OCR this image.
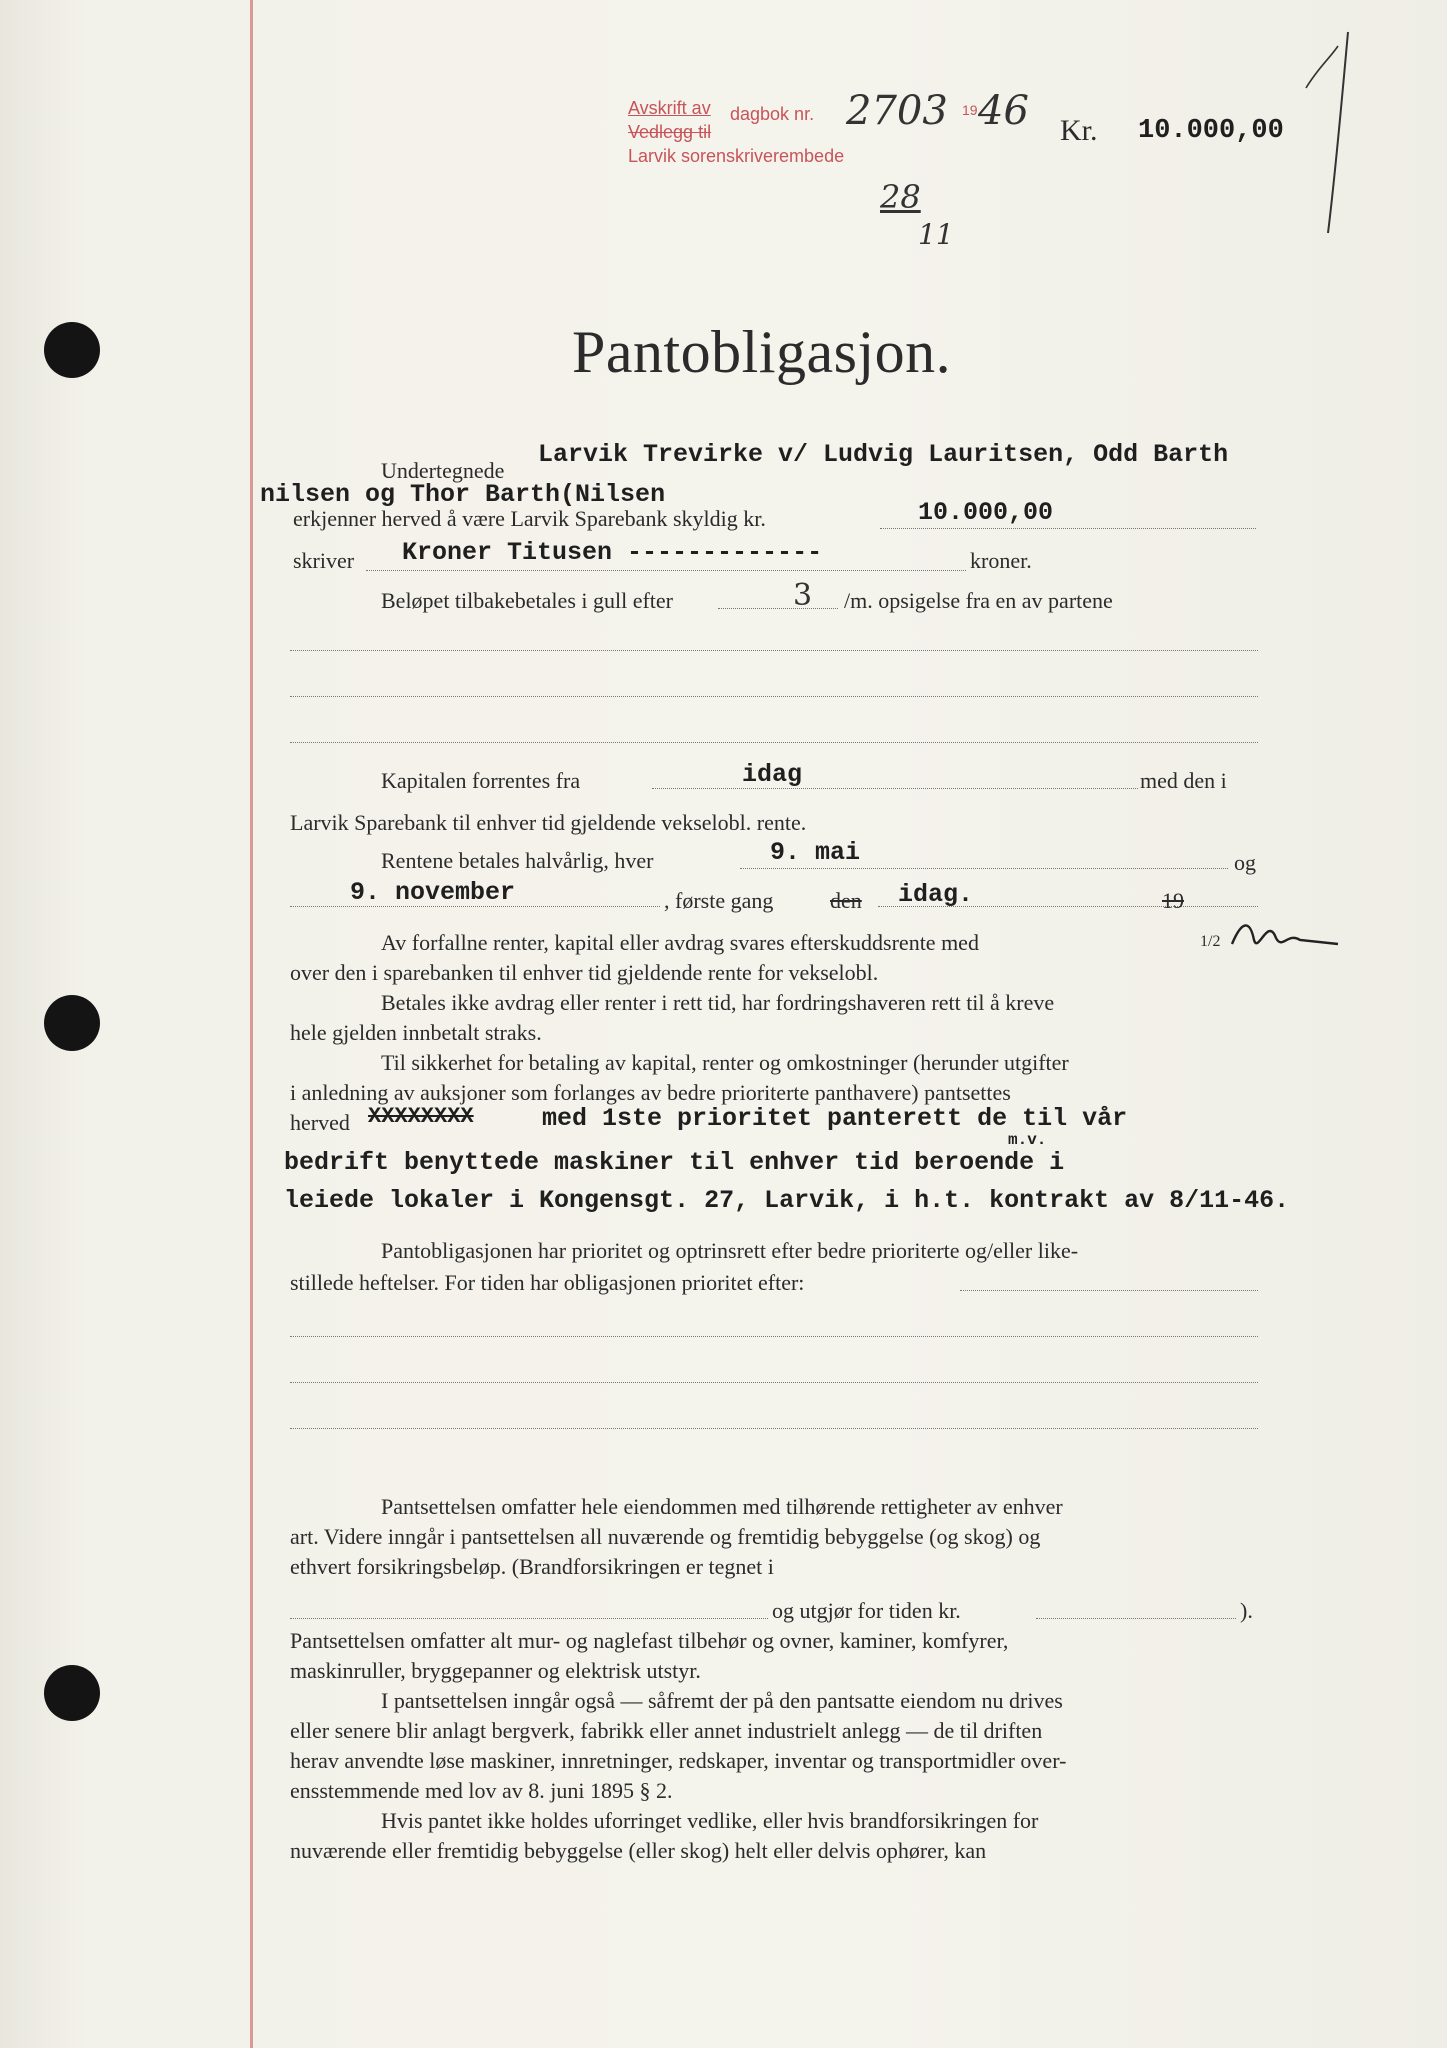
Avskrift av dagbok nr.
Vedlegg til
Larvik sorenskriverembede
2703 19 46
28
11
Kr. 10.000,00
Pantobligasjon.
Undertegnede
Larvik Trevirke v/ Ludvig Lauritsen, Odd Barth
nilsen og Thor Barth(Nilsen
erkjenner herved å være Larvik Sparebank skyldig kr.	10.000,00
skriver Kroner Titusen -------------	kroner.
Beløpet tilbakebetales i gull efter	3 /m. opsigelse fra en av partene
Kapitalen forrentes fra	idag	med den i
Larvik Sparebank til enhver tid gjeldende vekselobl. rente.
Rentene betales halvårlig, hver	9. mai	og
9. november	, første gang	den idag.	19
Av forfallne renter, kapital eller avdrag svares efterskuddsrente med	1/2
over den i sparebanken til enhver tid gjeldende rente for vekselobl.
Betales ikke avdrag eller renter i rett tid, har fordringshaveren rett til å kreve
hele gjelden innbetalt straks.
Til sikkerhet for betaling av kapital, renter og omkostninger (herunder utgifter
i anledning av auksjoner som forlanges av bedre prioriterte panthavere) pantsettes
herved XXXXXXXX	med 1ste prioritet panterett de til vår
m.v.
bedrift benyttede maskiner til enhver tid beroende i
leiede lokaler i Kongensgt. 27, Larvik, i h.t. kontrakt av 8/11-46.
Pantobligasjonen har prioritet og optrinsrett efter bedre prioriterte og/eller like-
stillede heftelser. For tiden har obligasjonen prioritet efter:
Pantsettelsen omfatter hele eiendommen med tilhørende rettigheter av enhver
art. Videre inngår i pantsettelsen all nuværende og fremtidig bebyggelse (og skog) og
ethvert forsikringsbeløp. (Brandforsikringen er tegnet i
og utgjør for tiden kr.	).
Pantsettelsen omfatter alt mur- og naglefast tilbehør og ovner, kaminer, komfyrer,
maskinruller, bryggepanner og elektrisk utstyr.
I pantsettelsen inngår også — såfremt der på den pantsatte eiendom nu drives
eller senere blir anlagt bergverk, fabrikk eller annet industrielt anlegg — de til driften
herav anvendte løse maskiner, innretninger, redskaper, inventar og transportmidler over-
ensstemmende med lov av 8. juni 1895 § 2.
Hvis pantet ikke holdes uforringet vedlike, eller hvis brandforsikringen for
nuværende eller fremtidig bebyggelse (eller skog) helt eller delvis ophører, kan
